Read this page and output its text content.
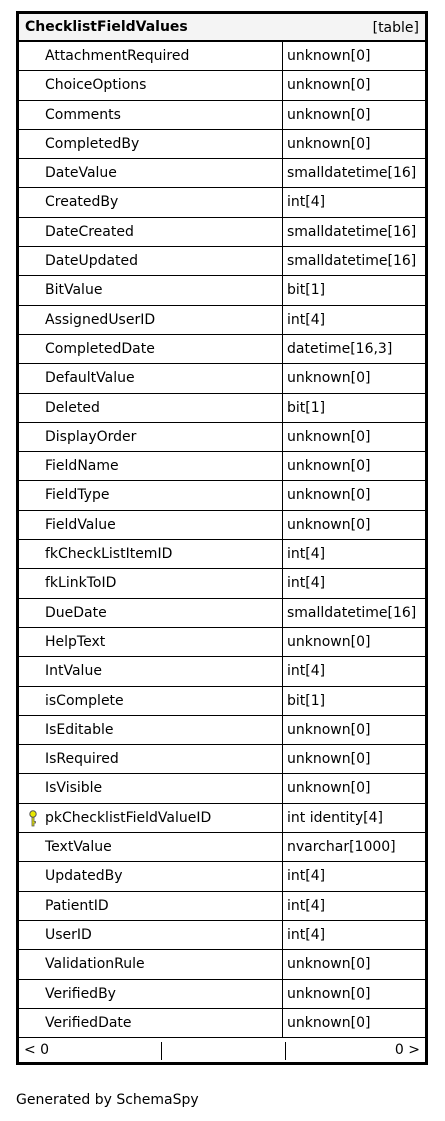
ChecklistFieldValues	[table]
AttachmentRequired	unknown[0]
ChoiceOptions	unknown[0]
Comments	unknown[0]
CompletedBy	unknown[0]
DateValue	smalldatetime[16]
CreatedBy	int[4]
DateCreated	smalldatetime[16]
DateUpdated	smalldatetime[16]
BitValue	bit[1]
AssignedUserID	int[4]
CompletedDate	datetime[16,3]
DefaultValue	unknown[0]
Deleted	bit[1]
DisplayOrder	unknown[0]
FieldName	unknown[0]
FieldType	unknown[0]
FieldValue	unknown[0]
fkCheckListItemID	int[4]
fkLinkToID	int[4]
DueDate	smalldatetime[16]
HelpText	unknown[0]
IntValue	int[4]
isComplete	bit[1]
IsEditable	unknown[0]
IsRequired	unknown[0]
IsVisible	unknown[0]
pkChecklistFieldValueID	int identity[4]
TextValue	nvarchar[1000]
UpdatedBy	int[4]
PatientID	int[4]
UserID	int[4]
ValidationRule	unknown[0]
VerifiedBy	unknown[0]
VerifiedDate	unknown[0]
< 0	0 >
Generated by SchemaSpy
